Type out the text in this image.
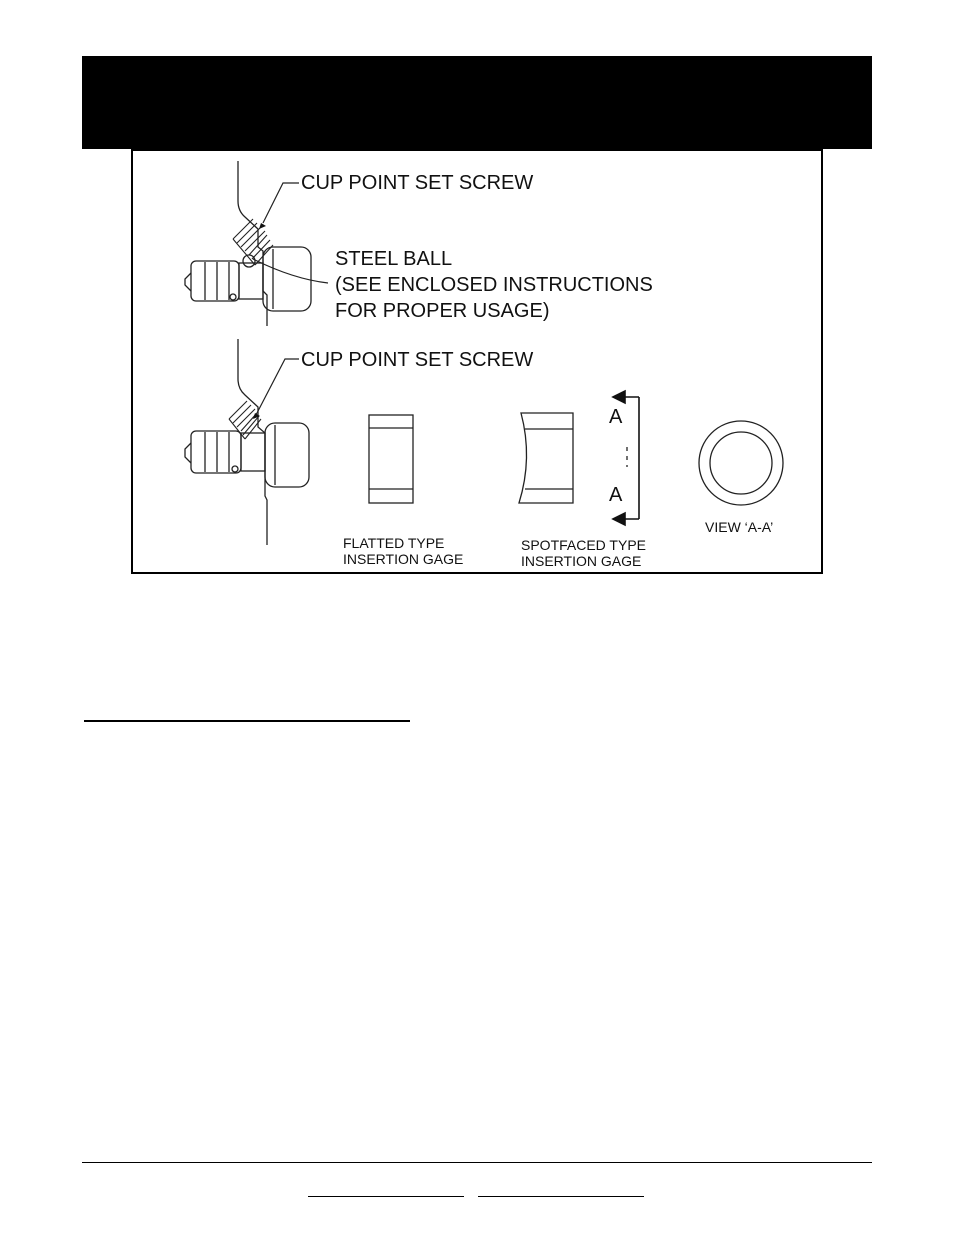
CUP POINT SET SCREW
STEEL BALL
(SEE ENCLOSED INSTRUCTIONS
FOR PROPER USAGE)
CUP POINT SET SCREW
A
A
FLATTED TYPE
INSERTION GAGE
SPOTFACED TYPE
INSERTION GAGE
VIEW ‘A-A’
